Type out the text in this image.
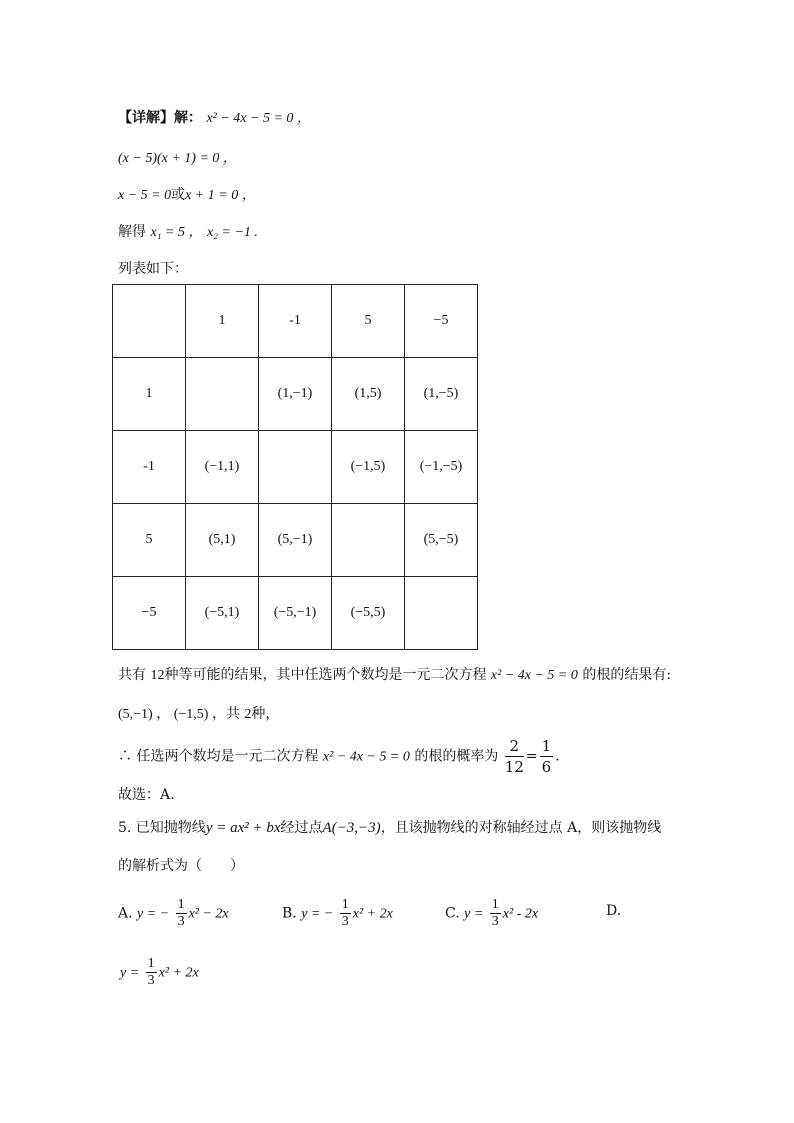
【详解】解： x² − 4x − 5 = 0 ，
(x − 5)(x + 1) = 0 ，
x − 5 = 0或x + 1 = 0 ，
解得 x₁ = 5 ， x₂ = −1 .
列表如下：
	1	-1	5	−5
1		(1,−1)	(1,5)	(1,−5)
-1	(−1,1)		(−1,5)	(−1,−5)
5	(5,1)	(5,−1)		(5,−5)
−5	(−5,1)	(−5,−1)	(−5,5)	
共有 12种等可能的结果，其中任选两个数均是一元二次方程 x² − 4x − 5 = 0 的根的结果有:
(5,−1) ， (−1,5) ，共 2种，
∴ 任选两个数均是一元二次方程 x² − 4x − 5 = 0 的根的概率为 $\frac{2}{12} = \frac{1}{6}$ .
故选：A.
5. 已知抛物线y = ax² + bx经过点A(−3,−3)，且该抛物线的对称轴经过点 A，则该抛物线
的解析式为（　　）
A. y = − $\frac{1}{3} x^2 - 2x$	B. y = − $\frac{1}{3} x^2 + 2x$	C. $y = \frac{1}{3} x^2 - 2x$	D.
$y = \frac{1}{3} x^2 + 2x$
